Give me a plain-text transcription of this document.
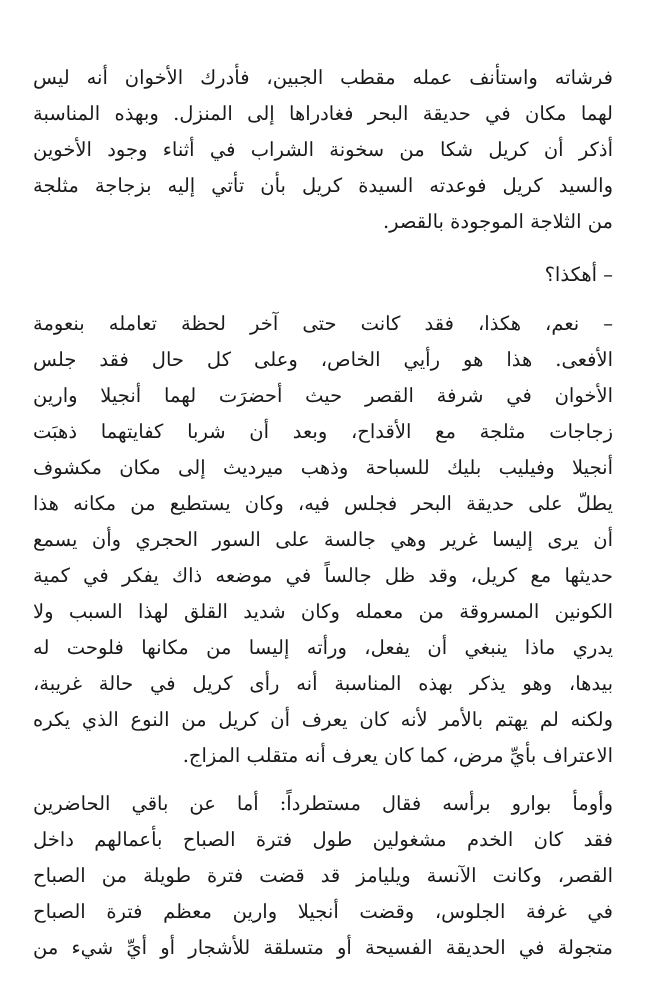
فرشاته واستأنف عمله مقطب الجبين، فأدرك الأخوان أنه ليس
لهما مكان في حديقة البحر فغادراها إلى المنزل. وبهذه المناسبة
أذكر أن كريل شكا من سخونة الشراب في أثناء وجود الأخوين
والسيد كريل فوعدته السيدة كريل بأن تأتي إليه بزجاجة مثلجة
من الثلاجة الموجودة بالقصر.
– أهكذا؟
– نعم، هكذا، فقد كانت حتى آخر لحظة تعامله بنعومة
الأفعى. هذا هو رأيي الخاص، وعلى كل حال فقد جلس
الأخوان في شرفة القصر حيث أحضرَت لهما أنجيلا وارين
زجاجات مثلجة مع الأقداح، وبعد أن شربا كفايتهما ذهبَت
أنجيلا وفيليب بليك للسباحة وذهب ميرديث إلى مكان مكشوف
يطلّ على حديقة البحر فجلس فيه، وكان يستطيع من مكانه هذا
أن يرى إليسا غرير وهي جالسة على السور الحجري وأن يسمع
حديثها مع كريل، وقد ظل جالساً في موضعه ذاك يفكر في كمية
الكونين المسروقة من معمله وكان شديد القلق لهذا السبب ولا
يدري ماذا ينبغي أن يفعل، ورأته إليسا من مكانها فلوحت له
بيدها، وهو يذكر بهذه المناسبة أنه رأى كريل في حالة غريبة،
ولكنه لم يهتم بالأمر لأنه كان يعرف أن كريل من النوع الذي يكره
الاعتراف بأيِّ مرض، كما كان يعرف أنه متقلب المزاج.
وأومأ بوارو برأسه فقال مستطرداً: أما عن باقي الحاضرين
فقد كان الخدم مشغولين طول فترة الصباح بأعمالهم داخل
القصر، وكانت الآنسة ويليامز قد قضت فترة طويلة من الصباح
في غرفة الجلوس، وقضت أنجيلا وارين معظم فترة الصباح
متجولة في الحديقة الفسيحة أو متسلقة للأشجار أو أيِّ شيء من
